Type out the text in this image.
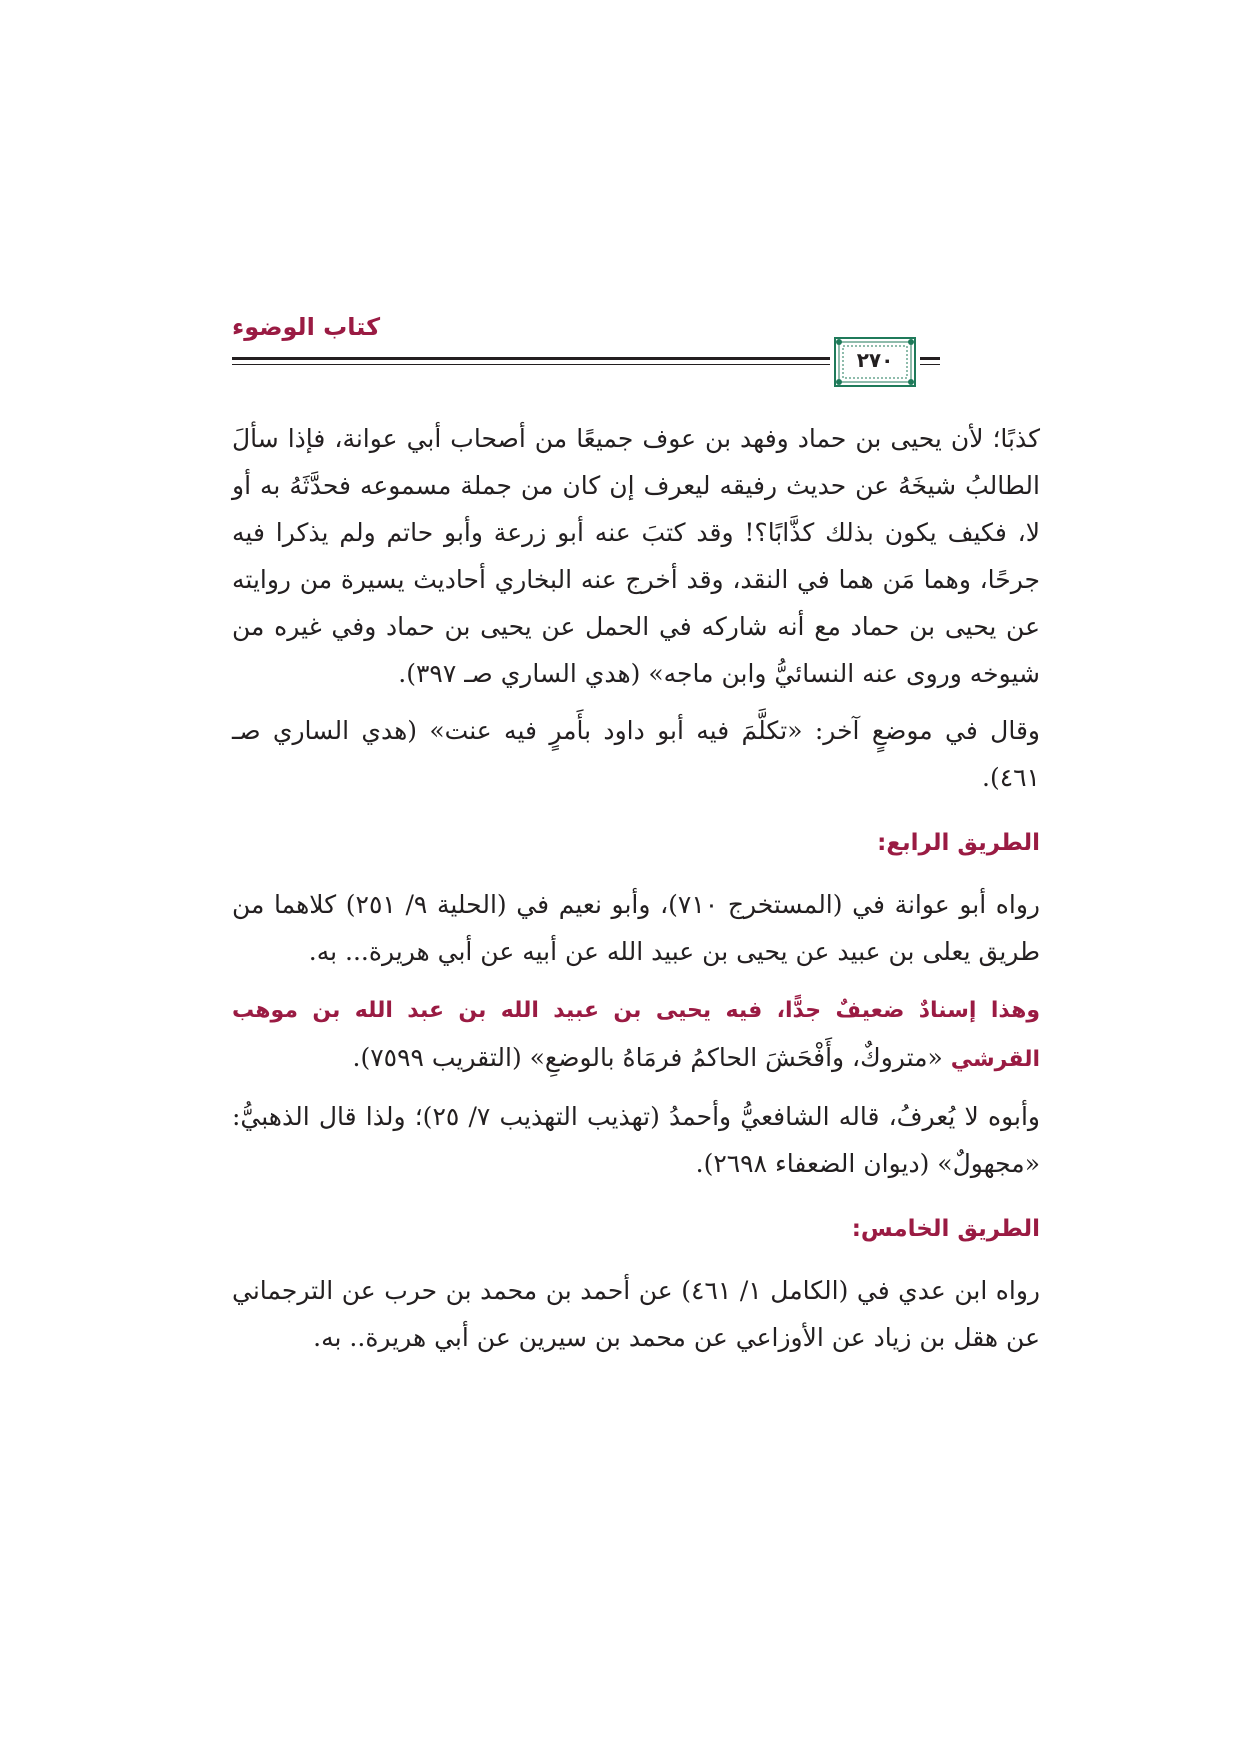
كتاب الوضوء
٢٧٠

كذبًا؛ لأن يحيى بن حماد وفهد بن عوف جميعًا من أصحاب أبي عوانة، فإذا سألَ الطالبُ شيخَهُ عن حديث رفيقه ليعرف إن كان من جملة مسموعه فحدَّثَهُ به أو لا، فكيف يكون بذلك كذَّابًا؟! وقد كتبَ عنه أبو زرعة وأبو حاتم ولم يذكرا فيه جرحًا، وهما مَن هما في النقد، وقد أخرج عنه البخاري أحاديث يسيرة من روايته عن يحيى بن حماد مع أنه شاركه في الحمل عن يحيى بن حماد وفي غيره من شيوخه وروى عنه النسائيُّ وابن ماجه» (هدي الساري صـ ٣٩٧).

وقال في موضعٍ آخر: «تكلَّمَ فيه أبو داود بأَمرٍ فيه عنت» (هدي الساري صـ ٤٦١).

الطريق الرابع:

رواه أبو عوانة في (المستخرج ٧١٠)، وأبو نعيم في (الحلية ٩/ ٢٥١) كلاهما من طريق يعلى بن عبيد عن يحيى بن عبيد الله عن أبيه عن أبي هريرة... به.

وهذا إسنادٌ ضعيفٌ جدًّا، فيه يحيى بن عبيد الله بن عبد الله بن موهب القرشي «متروكٌ، وأَفْحَشَ الحاكمُ فرمَاهُ بالوضعِ» (التقريب ٧٥٩٩).

وأبوه لا يُعرفُ، قاله الشافعيُّ وأحمدُ (تهذيب التهذيب ٧/ ٢٥)؛ ولذا قال الذهبيُّ: «مجهولٌ» (ديوان الضعفاء ٢٦٩٨).

الطريق الخامس:

رواه ابن عدي في (الكامل ١/ ٤٦١) عن أحمد بن محمد بن حرب عن الترجماني عن هقل بن زياد عن الأوزاعي عن محمد بن سيرين عن أبي هريرة.. به.
